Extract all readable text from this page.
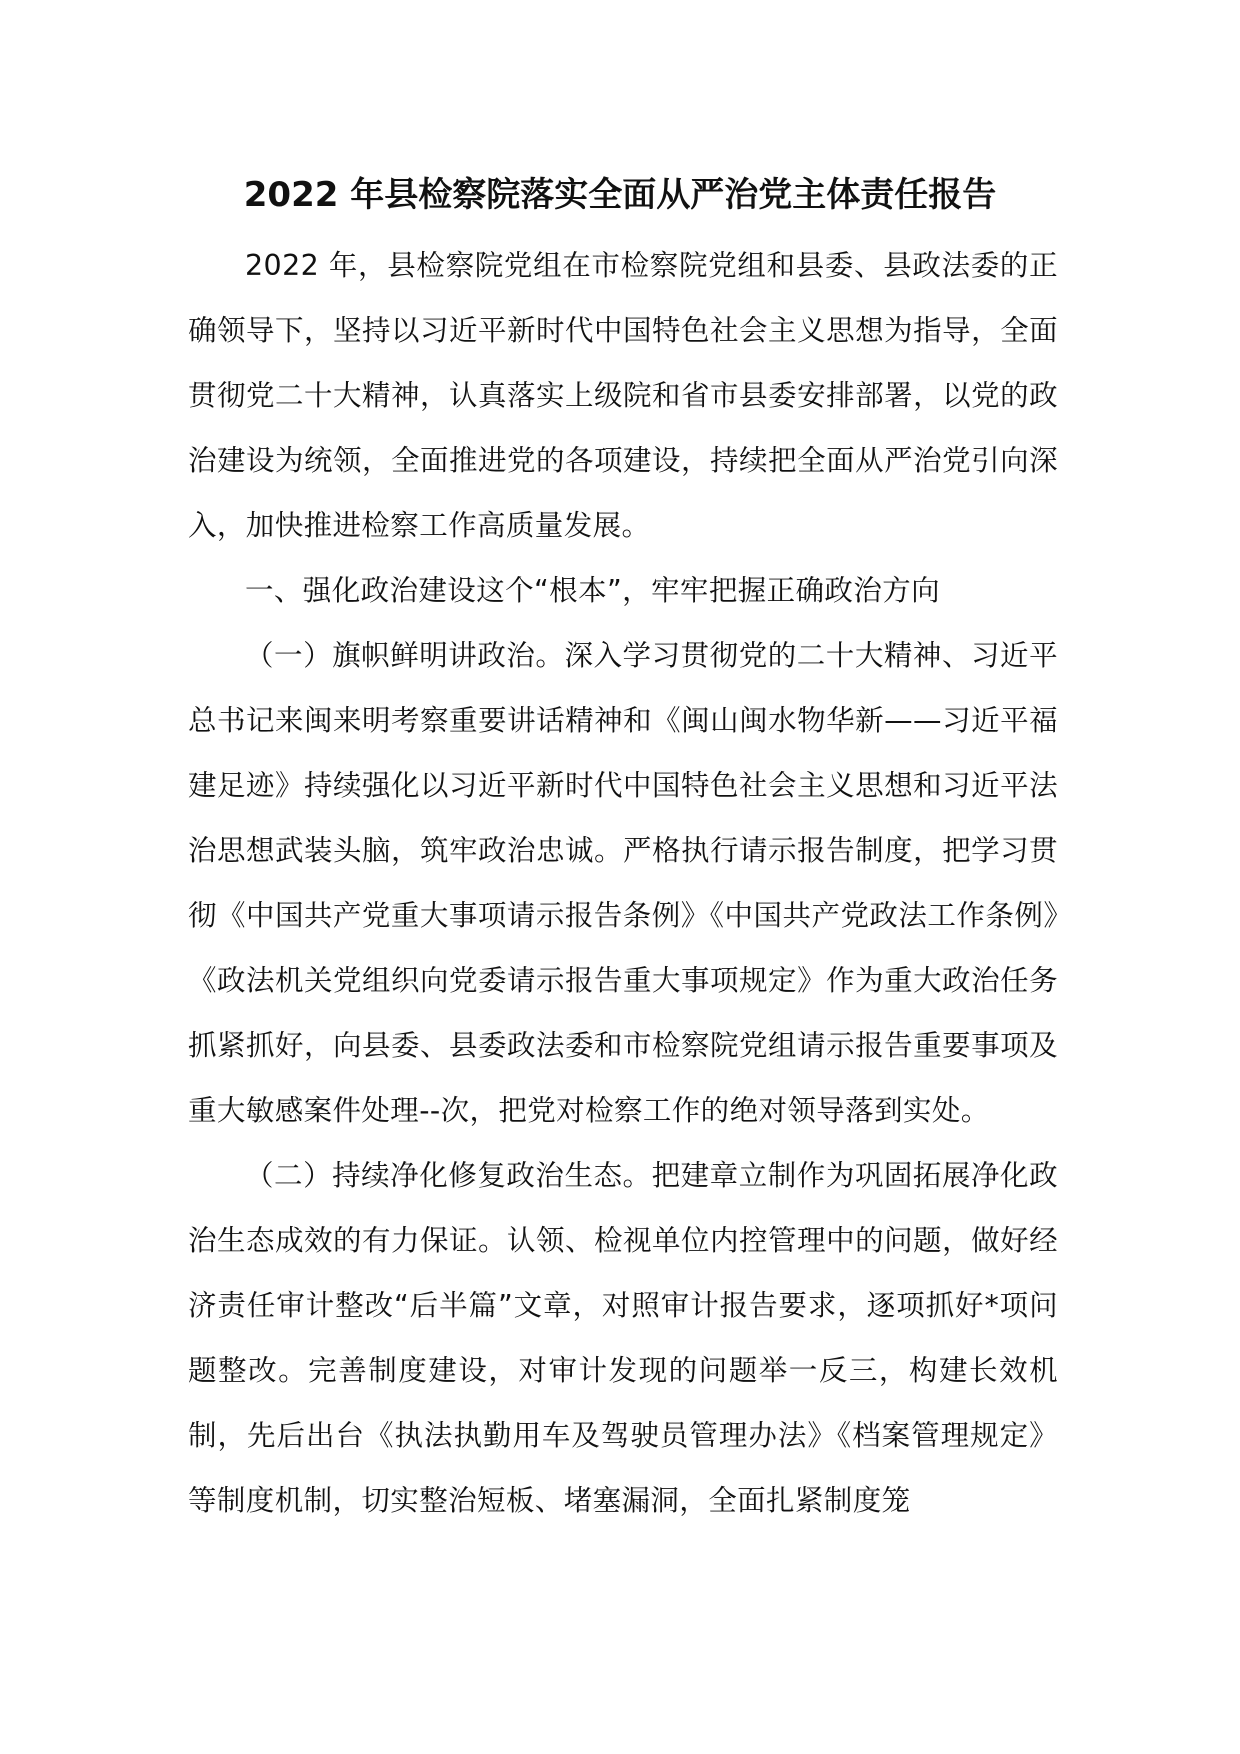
2022 年县检察院落实全面从严治党主体责任报告

2022 年，县检察院党组在市检察院党组和县委、县政法委的正确领导下，坚持以习近平新时代中国特色社会主义思想为指导，全面贯彻党二十大精神，认真落实上级院和省市县委安排部署，以党的政治建设为统领，全面推进党的各项建设，持续把全面从严治党引向深入，加快推进检察工作高质量发展。

一、强化政治建设这个“根本”，牢牢把握正确政治方向

（一）旗帜鲜明讲政治。深入学习贯彻党的二十大精神、习近平总书记来闽来明考察重要讲话精神和《闽山闽水物华新——习近平福建足迹》持续强化以习近平新时代中国特色社会主义思想和习近平法治思想武装头脑，筑牢政治忠诚。严格执行请示报告制度，把学习贯彻《中国共产党重大事项请示报告条例》《中国共产党政法工作条例》《政法机关党组织向党委请示报告重大事项规定》作为重大政治任务抓紧抓好，向县委、县委政法委和市检察院党组请示报告重要事项及重大敏感案件处理--次，把党对检察工作的绝对领导落到实处。

（二）持续净化修复政治生态。把建章立制作为巩固拓展净化政治生态成效的有力保证。认领、检视单位内控管理中的问题，做好经济责任审计整改“后半篇”文章，对照审计报告要求，逐项抓好*项问题整改。完善制度建设，对审计发现的问题举一反三，构建长效机制，先后出台《执法执勤用车及驾驶员管理办法》《档案管理规定》等制度机制，切实整治短板、堵塞漏洞，全面扎紧制度笼
